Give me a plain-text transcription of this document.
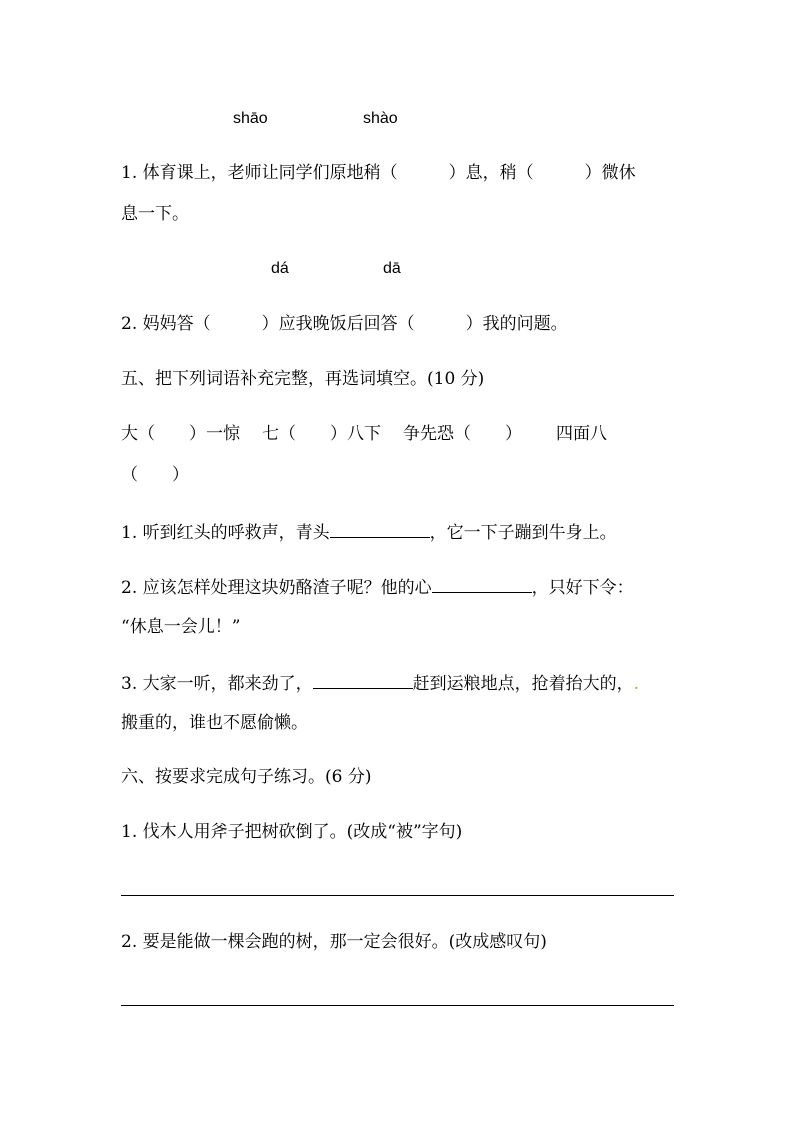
shāo	shào
1. 体育课上，老师让同学们原地稍（　　　）息，稍（　　　）微休
息一下。
dá	dā
2. 妈妈答（　　　）应我晚饭后回答（　　　）我的问题。
五、把下列词语补充完整，再选词填空。(10 分)
大（　　）一惊 七（　　）八下 争先恐（　　） 四面八
（　　）
1. 听到红头的呼救声，青头	，它一下子蹦到牛身上。
2. 应该怎样处理这块奶酪渣子呢？他的心	，只好下令：
“休息一会儿！”
3. 大家一听，都来劲了，	赶到运粮地点，抢着抬大的，.
搬重的，谁也不愿偷懒。
六、按要求完成句子练习。(6 分)
1. 伐木人用斧子把树砍倒了。(改成“被”字句)
2. 要是能做一棵会跑的树，那一定会很好。(改成感叹句)
